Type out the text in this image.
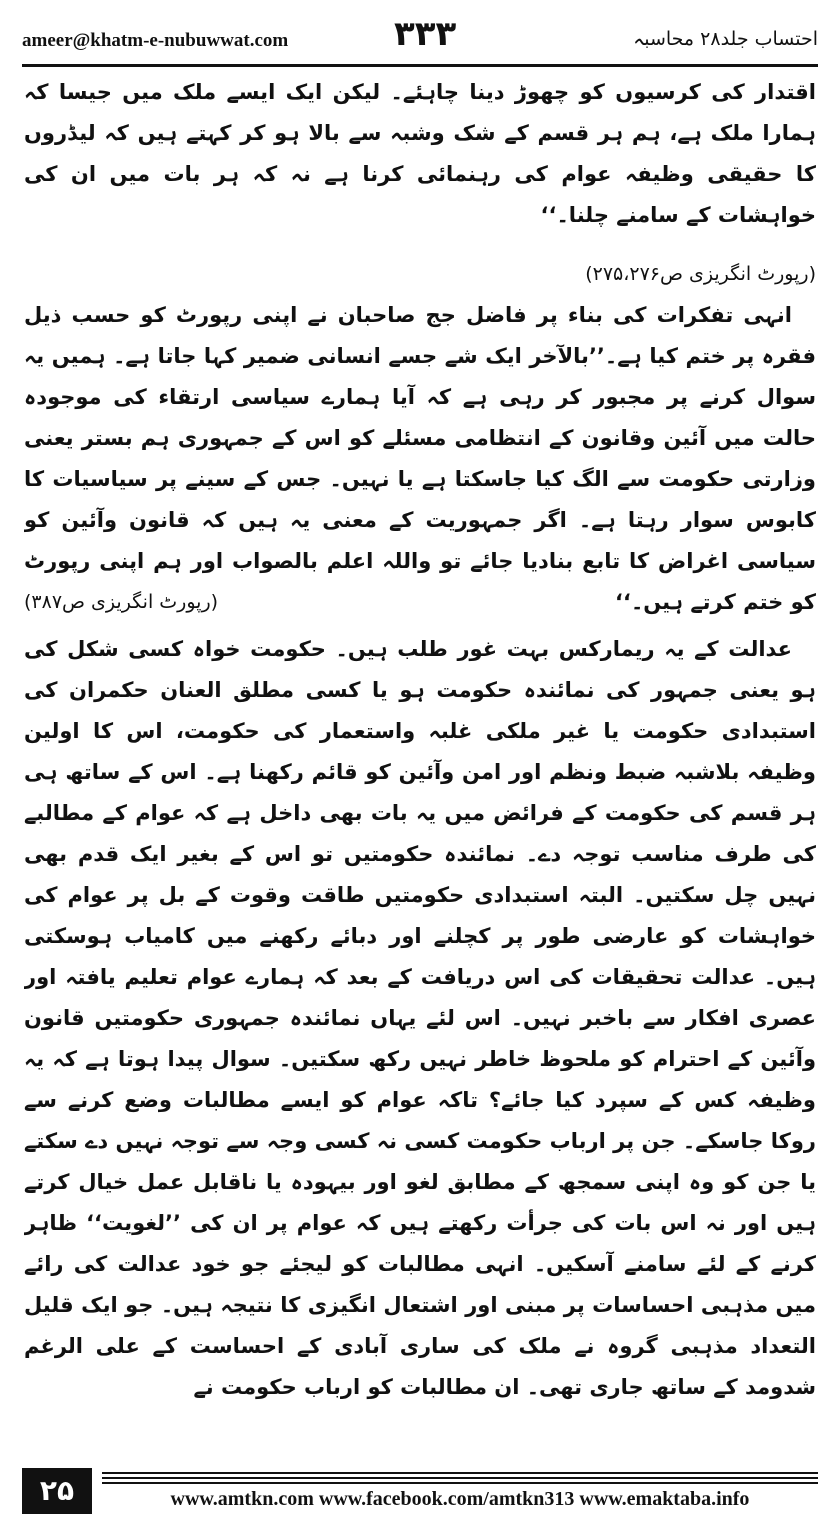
ameer@khatm-e-nubuwwat.com	۳۳۳	احتساب جلد۲۸ محاسبہ

اقتدار کی کرسیوں کو چھوڑ دینا چاہئے۔ لیکن ایک ایسے ملک میں جیسا کہ ہمارا ملک ہے، ہم ہر قسم کے شک وشبہ سے بالا ہو کر کہتے ہیں کہ لیڈروں کا حقیقی وظیفہ عوام کی رہنمائی کرنا ہے نہ کہ ہر بات میں ان کی خواہشات کے سامنے چلنا۔‘‘

(رپورٹ انگریزی ص۲۷۵،۲۷۶)

انہی تفکرات کی بناء پر فاضل جج صاحبان نے اپنی رپورٹ کو حسب ذیل فقرہ پر ختم کیا ہے۔’’بالآخر ایک شے جسے انسانی ضمیر کہا جاتا ہے۔ ہمیں یہ سوال کرنے پر مجبور کر رہی ہے کہ آیا ہمارے سیاسی ارتقاء کی موجودہ حالت میں آئین وقانون کے انتظامی مسئلے کو اس کے جمہوری ہم بستر یعنی وزارتی حکومت سے الگ کیا جاسکتا ہے یا نہیں۔ جس کے سینے پر سیاسیات کا کابوس سوار رہتا ہے۔ اگر جمہوریت کے معنی یہ ہیں کہ قانون وآئین کو سیاسی اغراض کا تابع بنادیا جائے تو واللہ اعلم بالصواب اور ہم اپنی رپورٹ کو ختم کرتے ہیں۔‘‘
(رپورٹ انگریزی ص۳۸۷)

عدالت کے یہ ریمارکس بہت غور طلب ہیں۔ حکومت خواہ کسی شکل کی ہو یعنی جمہور کی نمائندہ حکومت ہو یا کسی مطلق العنان حکمران کی استبدادی حکومت یا غیر ملکی غلبہ واستعمار کی حکومت، اس کا اولین وظیفہ بلاشبہ ضبط ونظم اور امن وآئین کو قائم رکھنا ہے۔ اس کے ساتھ ہی ہر قسم کی حکومت کے فرائض میں یہ بات بھی داخل ہے کہ عوام کے مطالبے کی طرف مناسب توجہ دے۔ نمائندہ حکومتیں تو اس کے بغیر ایک قدم بھی نہیں چل سکتیں۔ البتہ استبدادی حکومتیں طاقت وقوت کے بل پر عوام کی خواہشات کو عارضی طور پر کچلنے اور دبائے رکھنے میں کامیاب ہوسکتی ہیں۔ عدالت تحقیقات کی اس دریافت کے بعد کہ ہمارے عوام تعلیم یافتہ اور عصری افکار سے باخبر نہیں۔ اس لئے یہاں نمائندہ جمہوری حکومتیں قانون وآئین کے احترام کو ملحوظ خاطر نہیں رکھ سکتیں۔ سوال پیدا ہوتا ہے کہ یہ وظیفہ کس کے سپرد کیا جائے؟ تاکہ عوام کو ایسے مطالبات وضع کرنے سے روکا جاسکے۔ جن پر ارباب حکومت کسی نہ کسی وجہ سے توجہ نہیں دے سکتے یا جن کو وہ اپنی سمجھ کے مطابق لغو اور بیہودہ یا ناقابل عمل خیال کرتے ہیں اور نہ اس بات کی جرأت رکھتے ہیں کہ عوام پر ان کی ’’لغویت‘‘ ظاہر کرنے کے لئے سامنے آسکیں۔ انہی مطالبات کو لیجئے جو خود عدالت کی رائے میں مذہبی احساسات پر مبنی اور اشتعال انگیزی کا نتیجہ ہیں۔ جو ایک قلیل التعداد مذہبی گروہ نے ملک کی ساری آبادی کے احساست کے علی الرغم شدومد کے ساتھ جاری تھی۔ ان مطالبات کو ارباب حکومت نے

۲۵	www.amtkn.com www.facebook.com/amtkn313 www.emaktaba.info
